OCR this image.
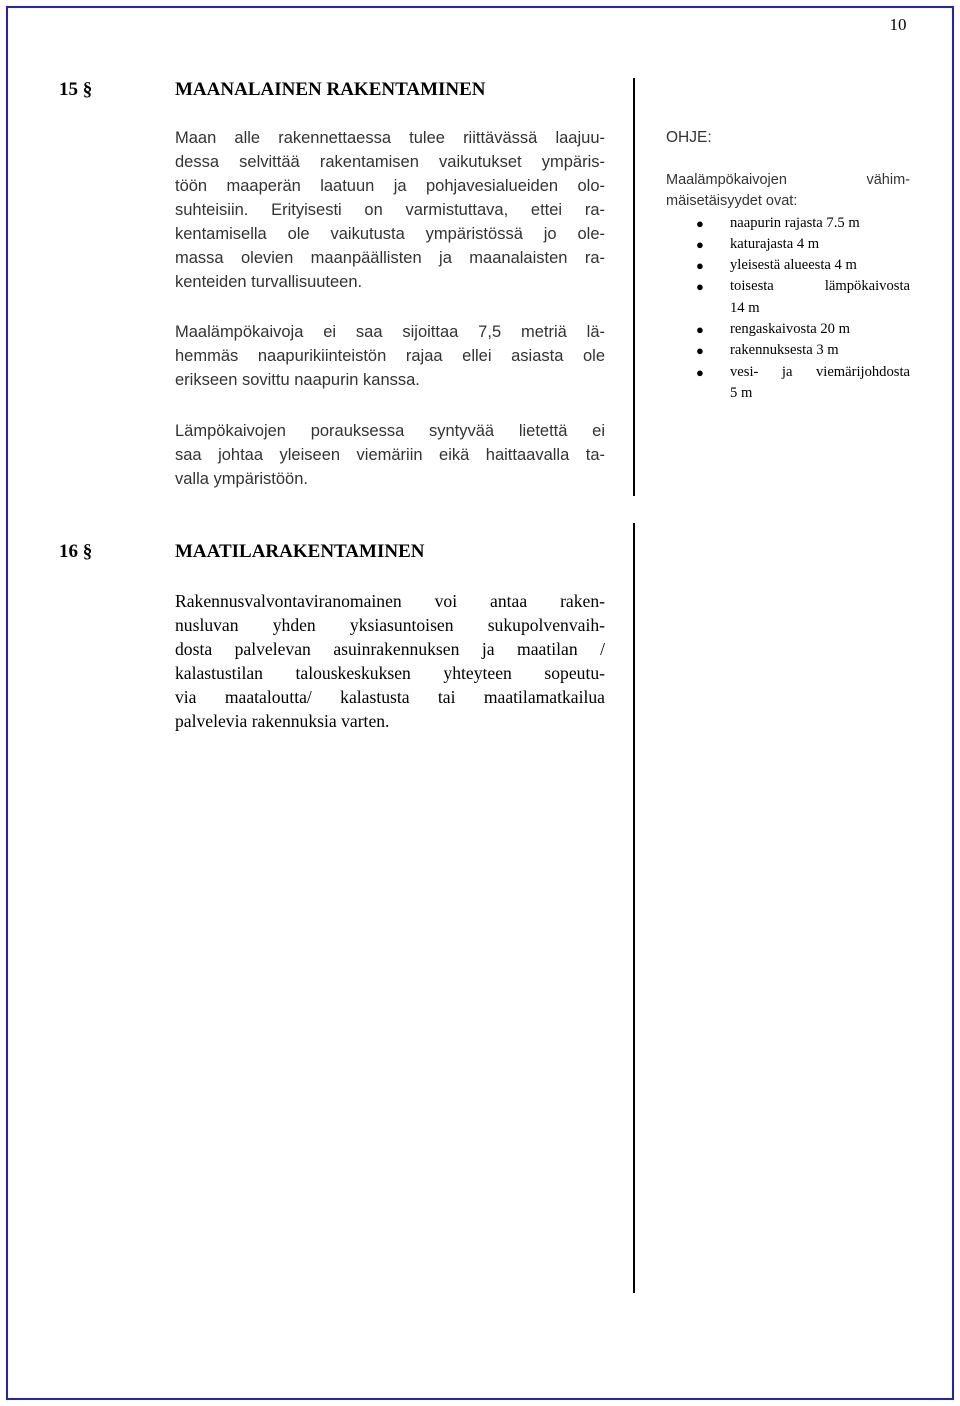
10
15 §	MAANALAINEN RAKENTAMINEN
Maan alle rakennettaessa tulee riittävässä laajuu-
dessa selvittää rakentamisen vaikutukset ympäris-
töön maaperän laatuun ja pohjavesialueiden olo-
suhteisiin. Erityisesti on varmistuttava, ettei ra-
kentamisella ole vaikutusta ympäristössä jo ole-
massa olevien maanpäällisten ja maanalaisten ra-
kenteiden turvallisuuteen.
Maalämpökaivoja ei saa sijoittaa 7,5 metriä lä-
hemmäs naapurikiinteistön rajaa ellei asiasta ole
erikseen sovittu naapurin kanssa.
Lämpökaivojen porauksessa syntyvää lietettä ei
saa johtaa yleiseen viemäriin eikä haittaavalla ta-
valla ympäristöön.
OHJE:
Maalämpökaivojen vähim-
mäisetäisyydet ovat:
● naapurin rajasta 7.5 m
● katurajasta 4 m
● yleisestä alueesta 4 m
● toisesta lämpökaivosta
14 m
● rengaskaivosta 20 m
● rakennuksesta 3 m
● vesi- ja viemärijohdosta
5 m
16 §	MAATILARAKENTAMINEN
Rakennusvalvontaviranomainen voi antaa raken-
nusluvan yhden yksiasuntoisen sukupolvenvaih-
dosta palvelevan asuinrakennuksen ja maatilan /
kalastustilan talouskeskuksen yhteyteen sopeutu-
via maataloutta/ kalastusta tai maatilamatkailua
palvelevia rakennuksia varten.
